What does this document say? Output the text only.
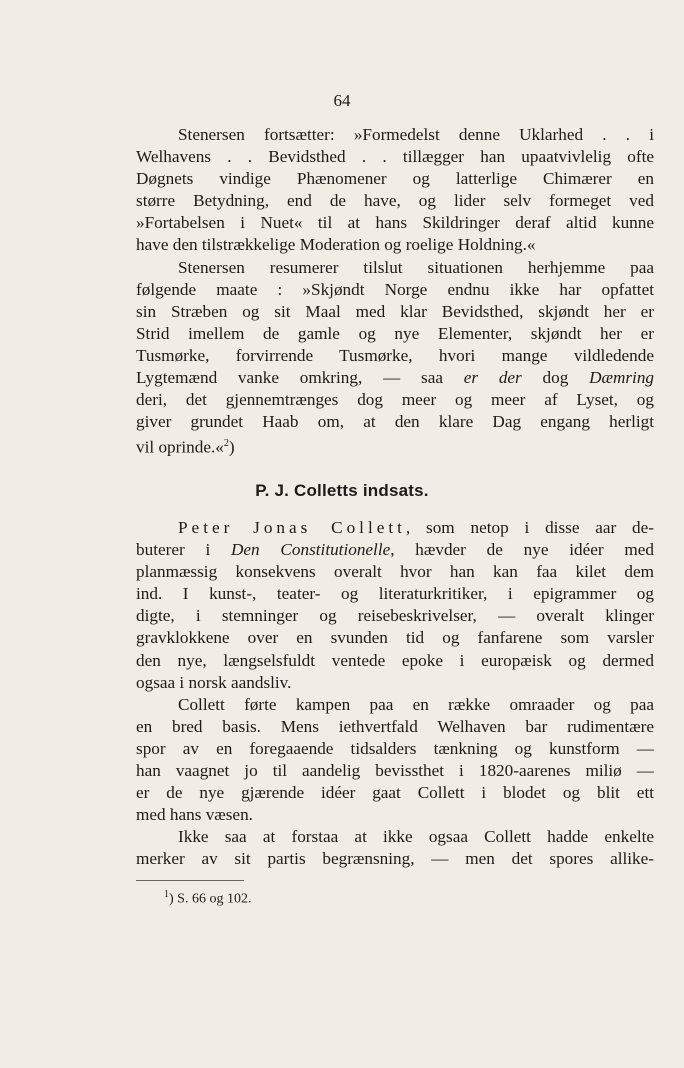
64
Stenersen fortsætter: »Formedelst denne Uklarhed . . i
Welhavens . . Bevidsthed . . tillægger han upaatvivlelig ofte
Døgnets vindige Phænomener og latterlige Chimærer en
større Betydning, end de have, og lider selv formeget ved
»Fortabelsen i Nuet« til at hans Skildringer deraf altid kunne
have den tilstrækkelige Moderation og roelige Holdning.«
Stenersen resumerer tilslut situationen herhjemme paa
følgende maate : »Skjøndt Norge endnu ikke har opfattet
sin Stræben og sit Maal med klar Bevidsthed, skjøndt her er
Strid imellem de gamle og nye Elementer, skjøndt her er
Tusmørke, forvirrende Tusmørke, hvori mange vildledende
Lygtemænd vanke omkring, — saa er der dog Dæmring
deri, det gjennemtrænges dog meer og meer af Lyset, og
giver grundet Haab om, at den klare Dag engang herligt
vil oprinde.«$^2$)
P. J. Colletts indsats.
Peter Jonas Collett, som netop i disse aar de-
buterer i Den Constitutionelle, hævder de nye idéer med
planmæssig konsekvens overalt hvor han kan faa kilet dem
ind. I kunst-, teater- og literaturkritiker, i epigrammer og
digte, i stemninger og reisebeskrivelser, — overalt klinger
gravklokkene over en svunden tid og fanfarene som varsler
den nye, længselsfuldt ventede epoke i europæisk og dermed
ogsaa i norsk aandsliv.
Collett førte kampen paa en række omraader og paa
en bred basis. Mens iethvertfald Welhaven bar rudimentære
spor av en foregaaende tidsalders tænkning og kunstform —
han vaagnet jo til aandelig bevissthet i 1820-aarenes miliø —
er de nye gjærende idéer gaat Collett i blodet og blit ett
med hans væsen.
Ikke saa at forstaa at ikke ogsaa Collett hadde enkelte
merker av sit partis begrænsning, — men det spores allike-
$^1$) S. 66 og 102.
